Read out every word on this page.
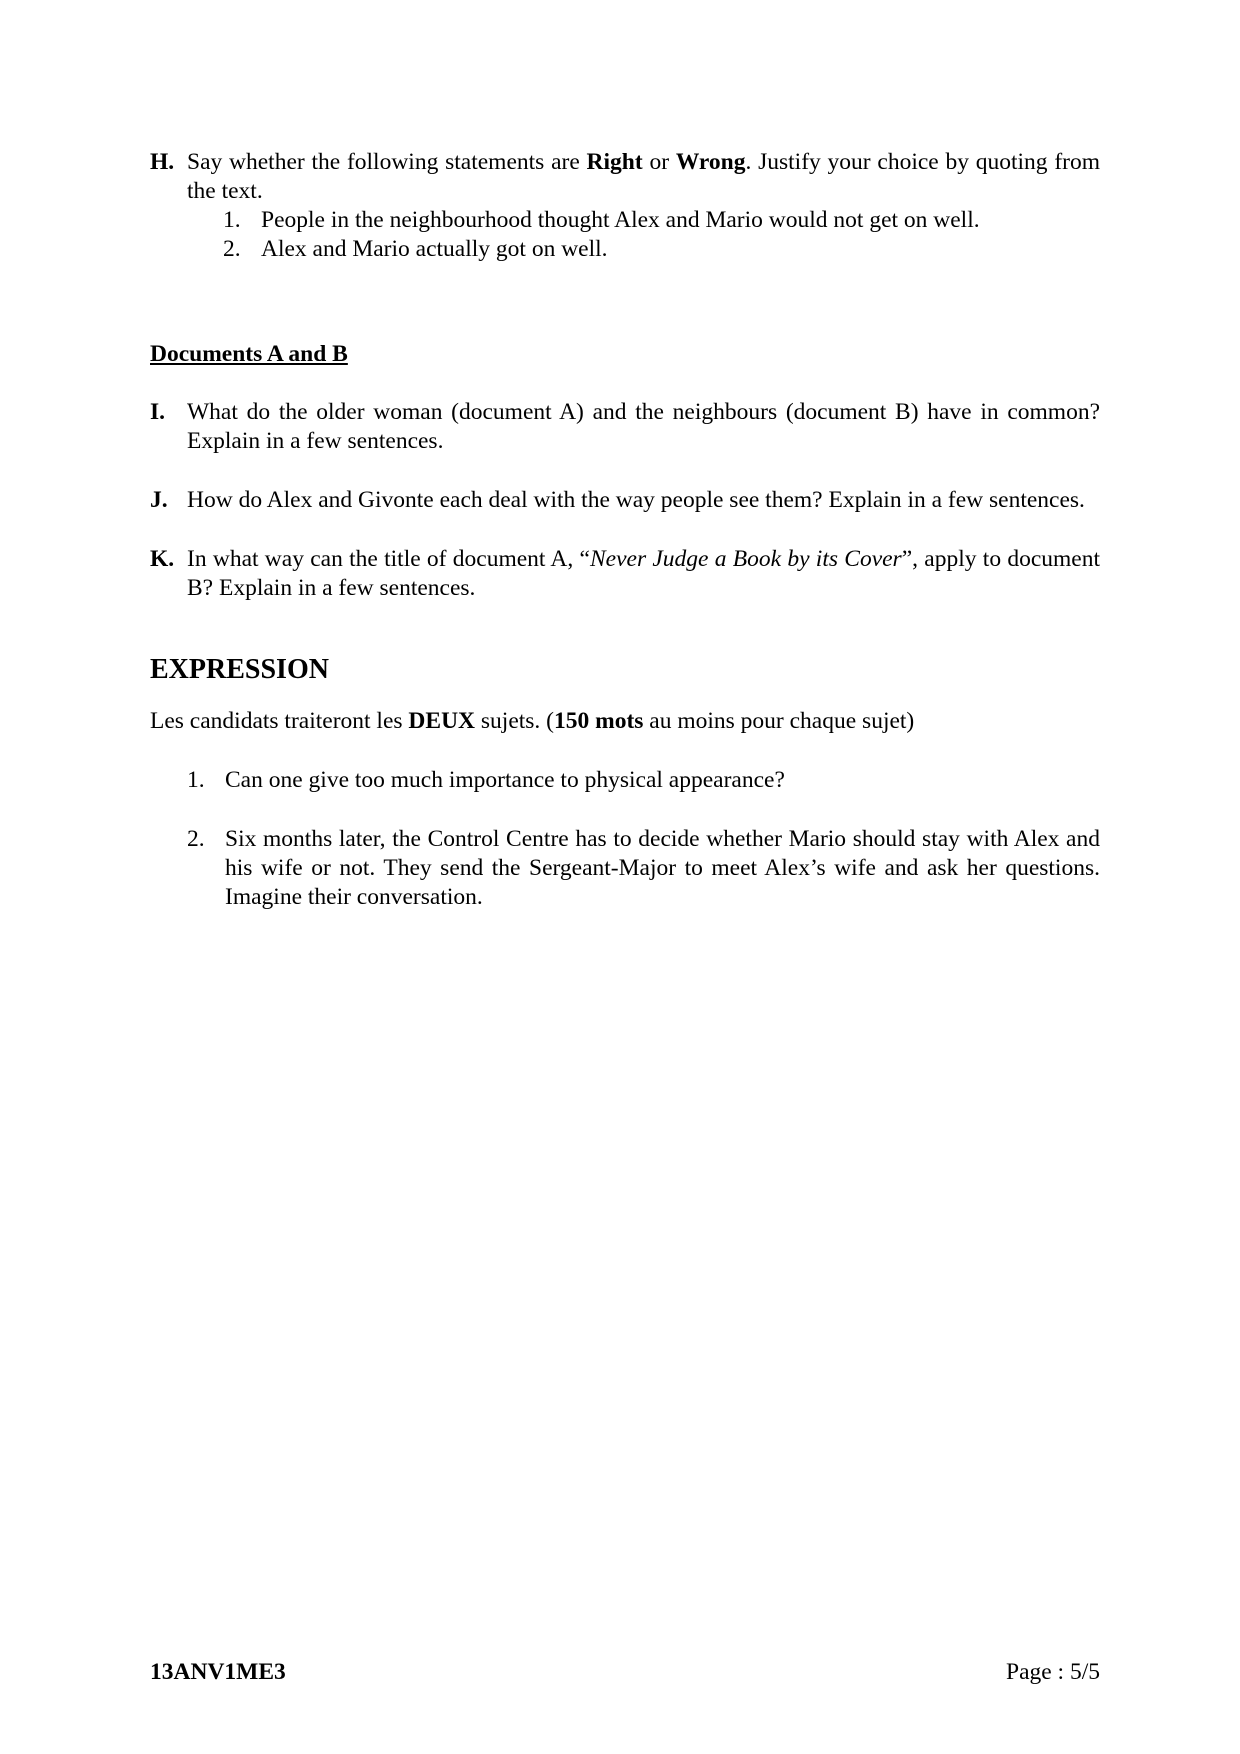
H. Say whether the following statements are Right or Wrong. Justify your choice by quoting from the text.
1. People in the neighbourhood thought Alex and Mario would not get on well.
2. Alex and Mario actually got on well.
Documents A and B
I. What do the older woman (document A) and the neighbours (document B) have in common? Explain in a few sentences.
J. How do Alex and Givonte each deal with the way people see them? Explain in a few sentences.
K. In what way can the title of document A, “Never Judge a Book by its Cover”, apply to document B? Explain in a few sentences.
EXPRESSION
Les candidats traiteront les DEUX sujets. (150 mots au moins pour chaque sujet)
1. Can one give too much importance to physical appearance?
2. Six months later, the Control Centre has to decide whether Mario should stay with Alex and his wife or not. They send the Sergeant-Major to meet Alex’s wife and ask her questions. Imagine their conversation.
13ANV1ME3	Page : 5/5
